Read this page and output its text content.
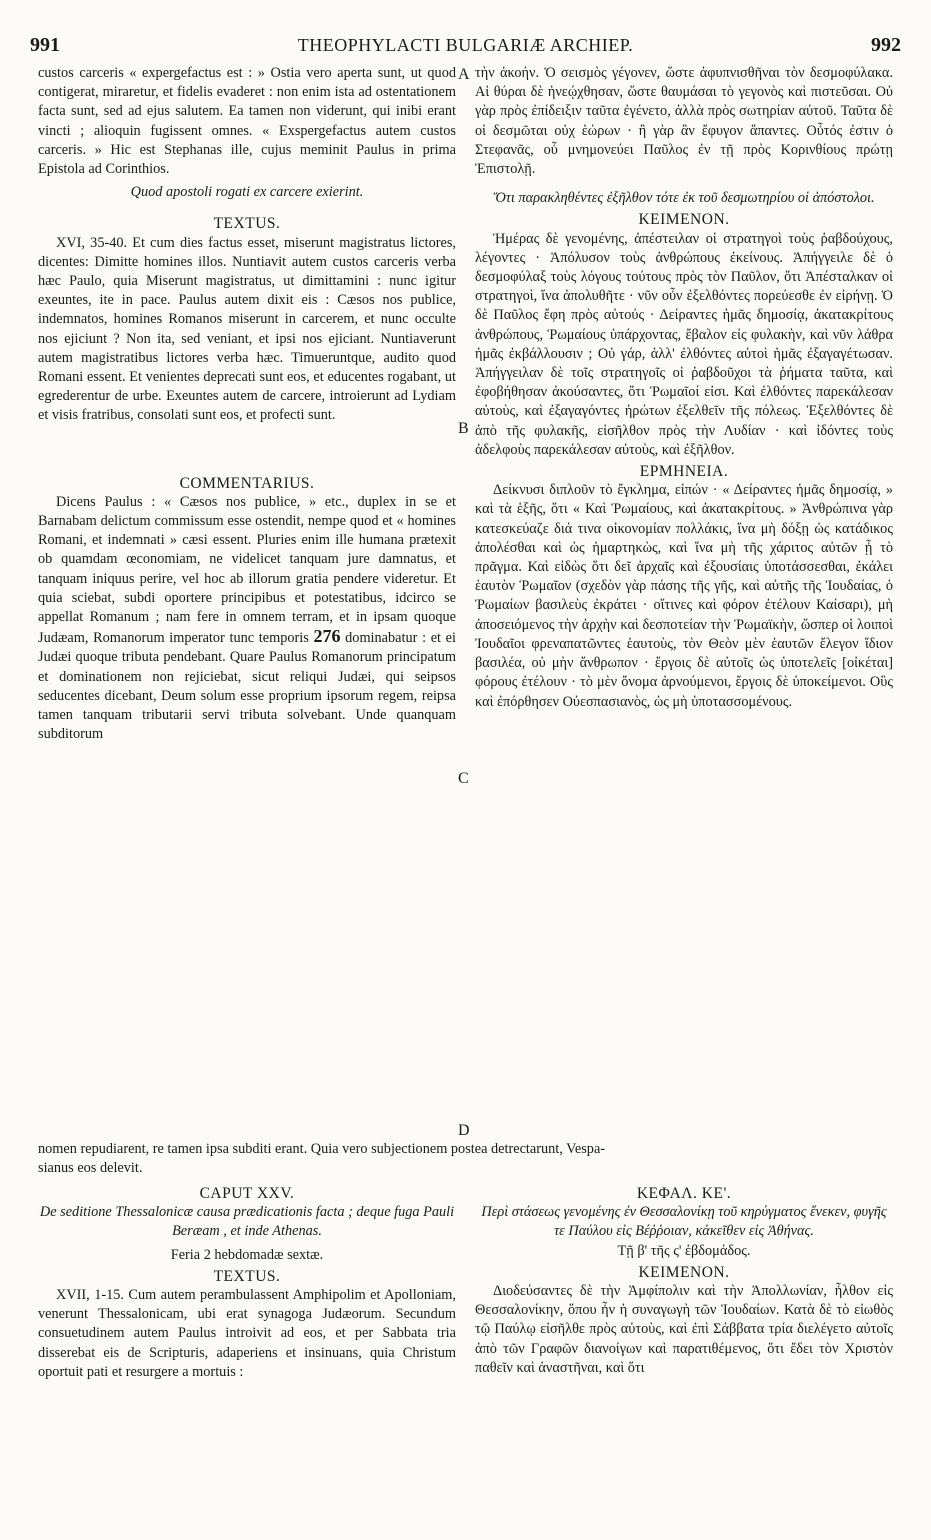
991	THEOPHYLACTI BULGARIÆ ARCHIEP.	992
A
B
C
D

custos carceris « expergefactus est : » Ostia vero aperta sunt, ut quod contigerat, miraretur, et fidelis evaderet : non enim ista ad ostentationem facta sunt, sed ad ejus salutem. Ea tamen non viderunt, qui inibi erant vincti ; alioquin fugissent omnes. « Exspergefactus autem custos carceris. » Hic est Stephanas ille, cujus meminit Paulus in prima Epistola ad Corinthios.

Quod apostoli rogati ex carcere exierint.

TEXTUS.

XVI, 35-40. Et cum dies factus esset, miserunt magistratus lictores, dicentes: Dimitte homines illos. Nuntiavit autem custos carceris verba hæc Paulo, quia Miserunt magistratus, ut dimittamini : nunc igitur exeuntes, ite in pace. Paulus autem dixit eis : Cæsos nos publice, indemnatos, homines Romanos miserunt in carcerem, et nunc occulte nos ejiciunt ? Non ita, sed veniant, et ipsi nos ejiciant. Nuntiaverunt autem magistratibus lictores verba hæc. Timueruntque, audito quod Romani essent. Et venientes deprecati sunt eos, et educentes rogabant, ut egrederentur de urbe. Exeuntes autem de carcere, introierunt ad Lydiam et visis fratribus, consolati sunt eos, et profecti sunt.

COMMENTARIUS.

Dicens Paulus : « Cæsos nos publice, » etc., duplex in se et Barnabam delictum commissum esse ostendit, nempe quod et « homines Romani, et indemnati » cæsi essent. Pluries enim ille humana prætexit ob quamdam œconomiam, ne videlicet tanquam jure damnatus, et tanquam iniquus perire, vel hoc ab illorum gratia pendere videretur. Et quia sciebat, subdi oportere principibus et potestatibus, idcirco se appellat Romanum ; nam fere in omnem terram, et in ipsam quoque Judæam, Romanorum imperator tunc temporis 276 dominabatur : et ei Judæi quoque tributa pendebant. Quare Paulus Romanorum principatum et dominationem non rejiciebat, sicut reliqui Judæi, qui seipsos seducentes dicebant, Deum solum esse proprium ipsorum regem, reipsa tamen tanquam tributarii servi tributa solvebant. Unde quanquam subditorum

nomen repudiarent, re tamen ipsa subditi erant. Quia vero subjectionem postea detrectarunt, Vespa-

sianus eos delevit.

CAPUT XXV.

De seditione Thessalonicæ causa prædicationis facta ; deque fuga Pauli Beræam , et inde Athenas.

Feria 2 hebdomadæ sextæ.

TEXTUS.

XVII, 1-15. Cum autem perambulassent Amphipolim et Apolloniam, venerunt Thessalonicam, ubi erat synagoga Judæorum. Secundum consuetudinem autem Paulus introivit ad eos, et per Sabbata tria disserebat eis de Scripturis, adaperiens et insinuans, quia Christum oportuit pati et resurgere a mortuis :

τὴν ἀκοήν. Ὁ σεισμὸς γέγονεν, ὥστε ἀφυπνισθῆναι τὸν δεσμοφύλακα. Αἱ θύραι δὲ ἠνεῴχθησαν, ὥστε θαυμάσαι τὸ γεγονὸς καὶ πιστεῦσαι. Οὐ γὰρ πρὸς ἐπίδειξιν ταῦτα ἐγένετο, ἀλλὰ πρὸς σωτηρίαν αὐτοῦ. Ταῦτα δὲ οἱ δεσμῶται οὐχ ἑώρων · ἢ γὰρ ἂν ἔφυγον ἅπαντες. Οὗτός ἐστιν ὁ Στεφανᾶς, οὗ μνημονεύει Παῦλος ἐν τῇ πρὸς Κορινθίους πρώτῃ Ἐπιστολῇ.

Ὅτι παρακληθέντες ἐξῆλθον τότε ἐκ τοῦ δεσμωτηρίου οἱ ἀπόστολοι.

ΚΕΙΜΕΝΟΝ.

Ἡμέρας δὲ γενομένης, ἀπέστειλαν οἱ στρατηγοὶ τοὺς ῥαβδούχους, λέγοντες · Ἀπόλυσον τοὺς ἀνθρώπους ἐκείνους. Ἀπήγγειλε δὲ ὁ δεσμοφύλαξ τοὺς λόγους τούτους πρὸς τὸν Παῦλον, ὅτι Ἀπέσταλκαν οἱ στρατηγοὶ, ἵνα ἀπολυθῆτε · νῦν οὖν ἐξελθόντες πορεύεσθε ἐν εἰρήνῃ. Ὁ δὲ Παῦλος ἔφη πρὸς αὐτούς · Δείραντες ἡμᾶς δημοσίᾳ, ἀκατακρίτους ἀνθρώπους, Ῥωμαίους ὑπάρχοντας, ἔβαλον εἰς φυλακὴν, καὶ νῦν λάθρα ἡμᾶς ἐκβάλλουσιν ; Οὐ γάρ, ἀλλ' ἐλθόντες αὐτοὶ ἡμᾶς ἐξαγαγέτωσαν. Ἀπήγγειλαν δὲ τοῖς στρατηγοῖς οἱ ῥαβδοῦχοι τὰ ῥήματα ταῦτα, καὶ ἐφοβήθησαν ἀκούσαντες, ὅτι Ῥωμαῖοί εἰσι. Καὶ ἐλθόντες παρεκάλεσαν αὐτοὺς, καὶ ἐξαγαγόντες ἠρώτων ἐξελθεῖν τῆς πόλεως. Ἐξελθόντες δὲ ἀπὸ τῆς φυλακῆς, εἰσῆλθον πρὸς τὴν Λυδίαν · καὶ ἰδόντες τοὺς ἀδελφοὺς παρεκάλεσαν αὐτοὺς, καὶ ἐξῆλθον.

ΕΡΜΗΝΕΙΑ.

Δείκνυσι διπλοῦν τὸ ἔγκλημα, εἰπών · « Δείραντες ἡμᾶς δημοσίᾳ, » καὶ τὰ ἑξῆς, ὅτι « Καὶ Ῥωμαίους, καὶ ἀκατακρίτους. » Ἀνθρώπινα γὰρ κατεσκεύαζε διά τινα οἰκονομίαν πολλάκις, ἵνα μὴ δόξῃ ὡς κατάδικος ἀπολέσθαι καὶ ὡς ἡμαρτηκὼς, καὶ ἵνα μὴ τῆς χάριτος αὐτῶν ᾖ τὸ πρᾶγμα. Καὶ εἰδὼς ὅτι δεῖ ἀρχαῖς καὶ ἐξουσίαις ὑποτάσσεσθαι, ἐκάλει ἑαυτὸν Ῥωμαῖον (σχεδὸν γὰρ πάσης τῆς γῆς, καὶ αὐτῆς τῆς Ἰουδαίας, ὁ Ῥωμαίων βασιλεὺς ἐκράτει · οἵτινες καὶ φόρον ἐτέλουν Καίσαρι), μὴ ἀποσειόμενος τὴν ἀρχὴν καὶ δεσποτείαν τὴν Ῥωμαϊκὴν, ὥσπερ οἱ λοιποὶ Ἰουδαῖοι φρεναπατῶντες ἑαυτοὺς, τὸν Θεὸν μὲν ἑαυτῶν ἔλεγον ἴδιον βασιλέα, οὐ μὴν ἄνθρωπον · ἔργοις δὲ αὐτοῖς ὡς ὑποτελεῖς [οἰκέται] φόρους ἐτέλουν · τὸ μὲν ὄνομα ἀρνούμενοι, ἔργοις δὲ ὑποκείμενοι. Οὓς καὶ ἐπόρθησεν Οὐεσπασιανὸς, ὡς μὴ ὑποτασσομένους.

ΚΕΦΑΛ. ΚΕ'.

Περὶ στάσεως γενομένης ἐν Θεσσαλονίκῃ τοῦ κηρύγματος ἕνεκεν, φυγῆς τε Παύλου εἰς Βέῤῥοιαν, κἀκεῖθεν εἰς Ἀθήνας.

Τῇ β' τῆς ς' ἑβδομάδος.

ΚΕΙΜΕΝΟΝ.

Διοδεύσαντες δὲ τὴν Ἀμφίπολιν καὶ τὴν Ἀπολλωνίαν, ἦλθον εἰς Θεσσαλονίκην, ὅπου ἦν ἡ συναγωγὴ τῶν Ἰουδαίων. Κατὰ δὲ τὸ εἰωθὸς τῷ Παύλῳ εἰσῆλθε πρὸς αὐτοὺς, καὶ ἐπὶ Σάββατα τρία διελέγετο αὐτοῖς ἀπὸ τῶν Γραφῶν διανοίγων καὶ παρατιθέμενος, ὅτι ἔδει τὸν Χριστὸν παθεῖν καὶ ἀναστῆναι, καὶ ὅτι
